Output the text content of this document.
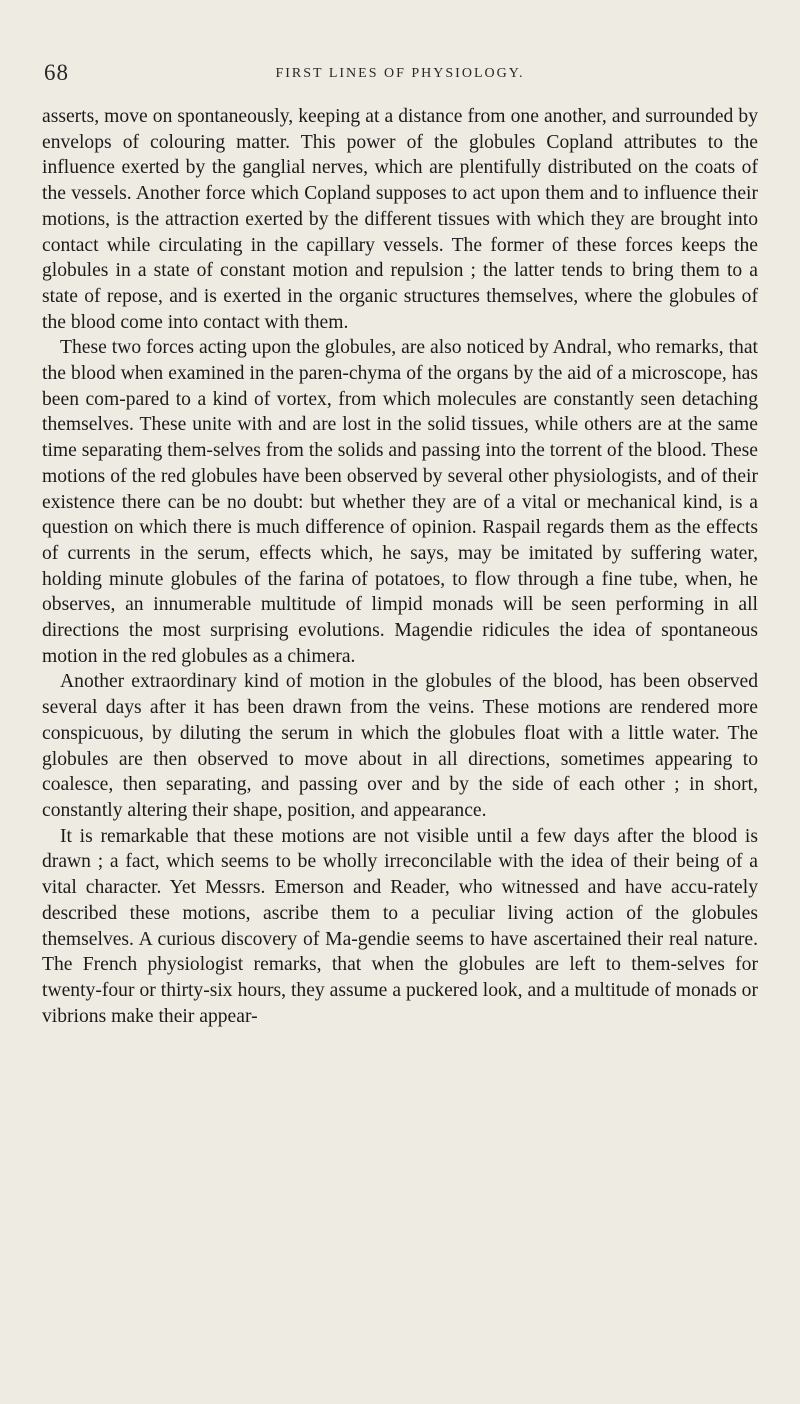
68	FIRST LINES OF PHYSIOLOGY.

asserts, move on spontaneously, keeping at a distance from one another, and surrounded by envelops of colouring matter. This power of the globules Copland attributes to the influence exerted by the ganglial nerves, which are plentifully distributed on the coats of the vessels. Another force which Copland supposes to act upon them and to influence their motions, is the attraction exerted by the different tissues with which they are brought into contact while circulating in the capillary vessels. The former of these forces keeps the globules in a state of constant motion and repulsion ; the latter tends to bring them to a state of repose, and is exerted in the organic structures themselves, where the globules of the blood come into contact with them.

These two forces acting upon the globules, are also noticed by Andral, who remarks, that the blood when examined in the paren-chyma of the organs by the aid of a microscope, has been com-pared to a kind of vortex, from which molecules are constantly seen detaching themselves. These unite with and are lost in the solid tissues, while others are at the same time separating them-selves from the solids and passing into the torrent of the blood. These motions of the red globules have been observed by several other physiologists, and of their existence there can be no doubt: but whether they are of a vital or mechanical kind, is a question on which there is much difference of opinion. Raspail regards them as the effects of currents in the serum, effects which, he says, may be imitated by suffering water, holding minute globules of the farina of potatoes, to flow through a fine tube, when, he observes, an innumerable multitude of limpid monads will be seen performing in all directions the most surprising evolutions. Magendie ridicules the idea of spontaneous motion in the red globules as a chimera.

Another extraordinary kind of motion in the globules of the blood, has been observed several days after it has been drawn from the veins. These motions are rendered more conspicuous, by diluting the serum in which the globules float with a little water. The globules are then observed to move about in all directions, sometimes appearing to coalesce, then separating, and passing over and by the side of each other ; in short, constantly altering their shape, position, and appearance.

It is remarkable that these motions are not visible until a few days after the blood is drawn ; a fact, which seems to be wholly irreconcilable with the idea of their being of a vital character. Yet Messrs. Emerson and Reader, who witnessed and have accu-rately described these motions, ascribe them to a peculiar living action of the globules themselves. A curious discovery of Ma-gendie seems to have ascertained their real nature. The French physiologist remarks, that when the globules are left to them-selves for twenty-four or thirty-six hours, they assume a puckered look, and a multitude of monads or vibrions make their appear-
